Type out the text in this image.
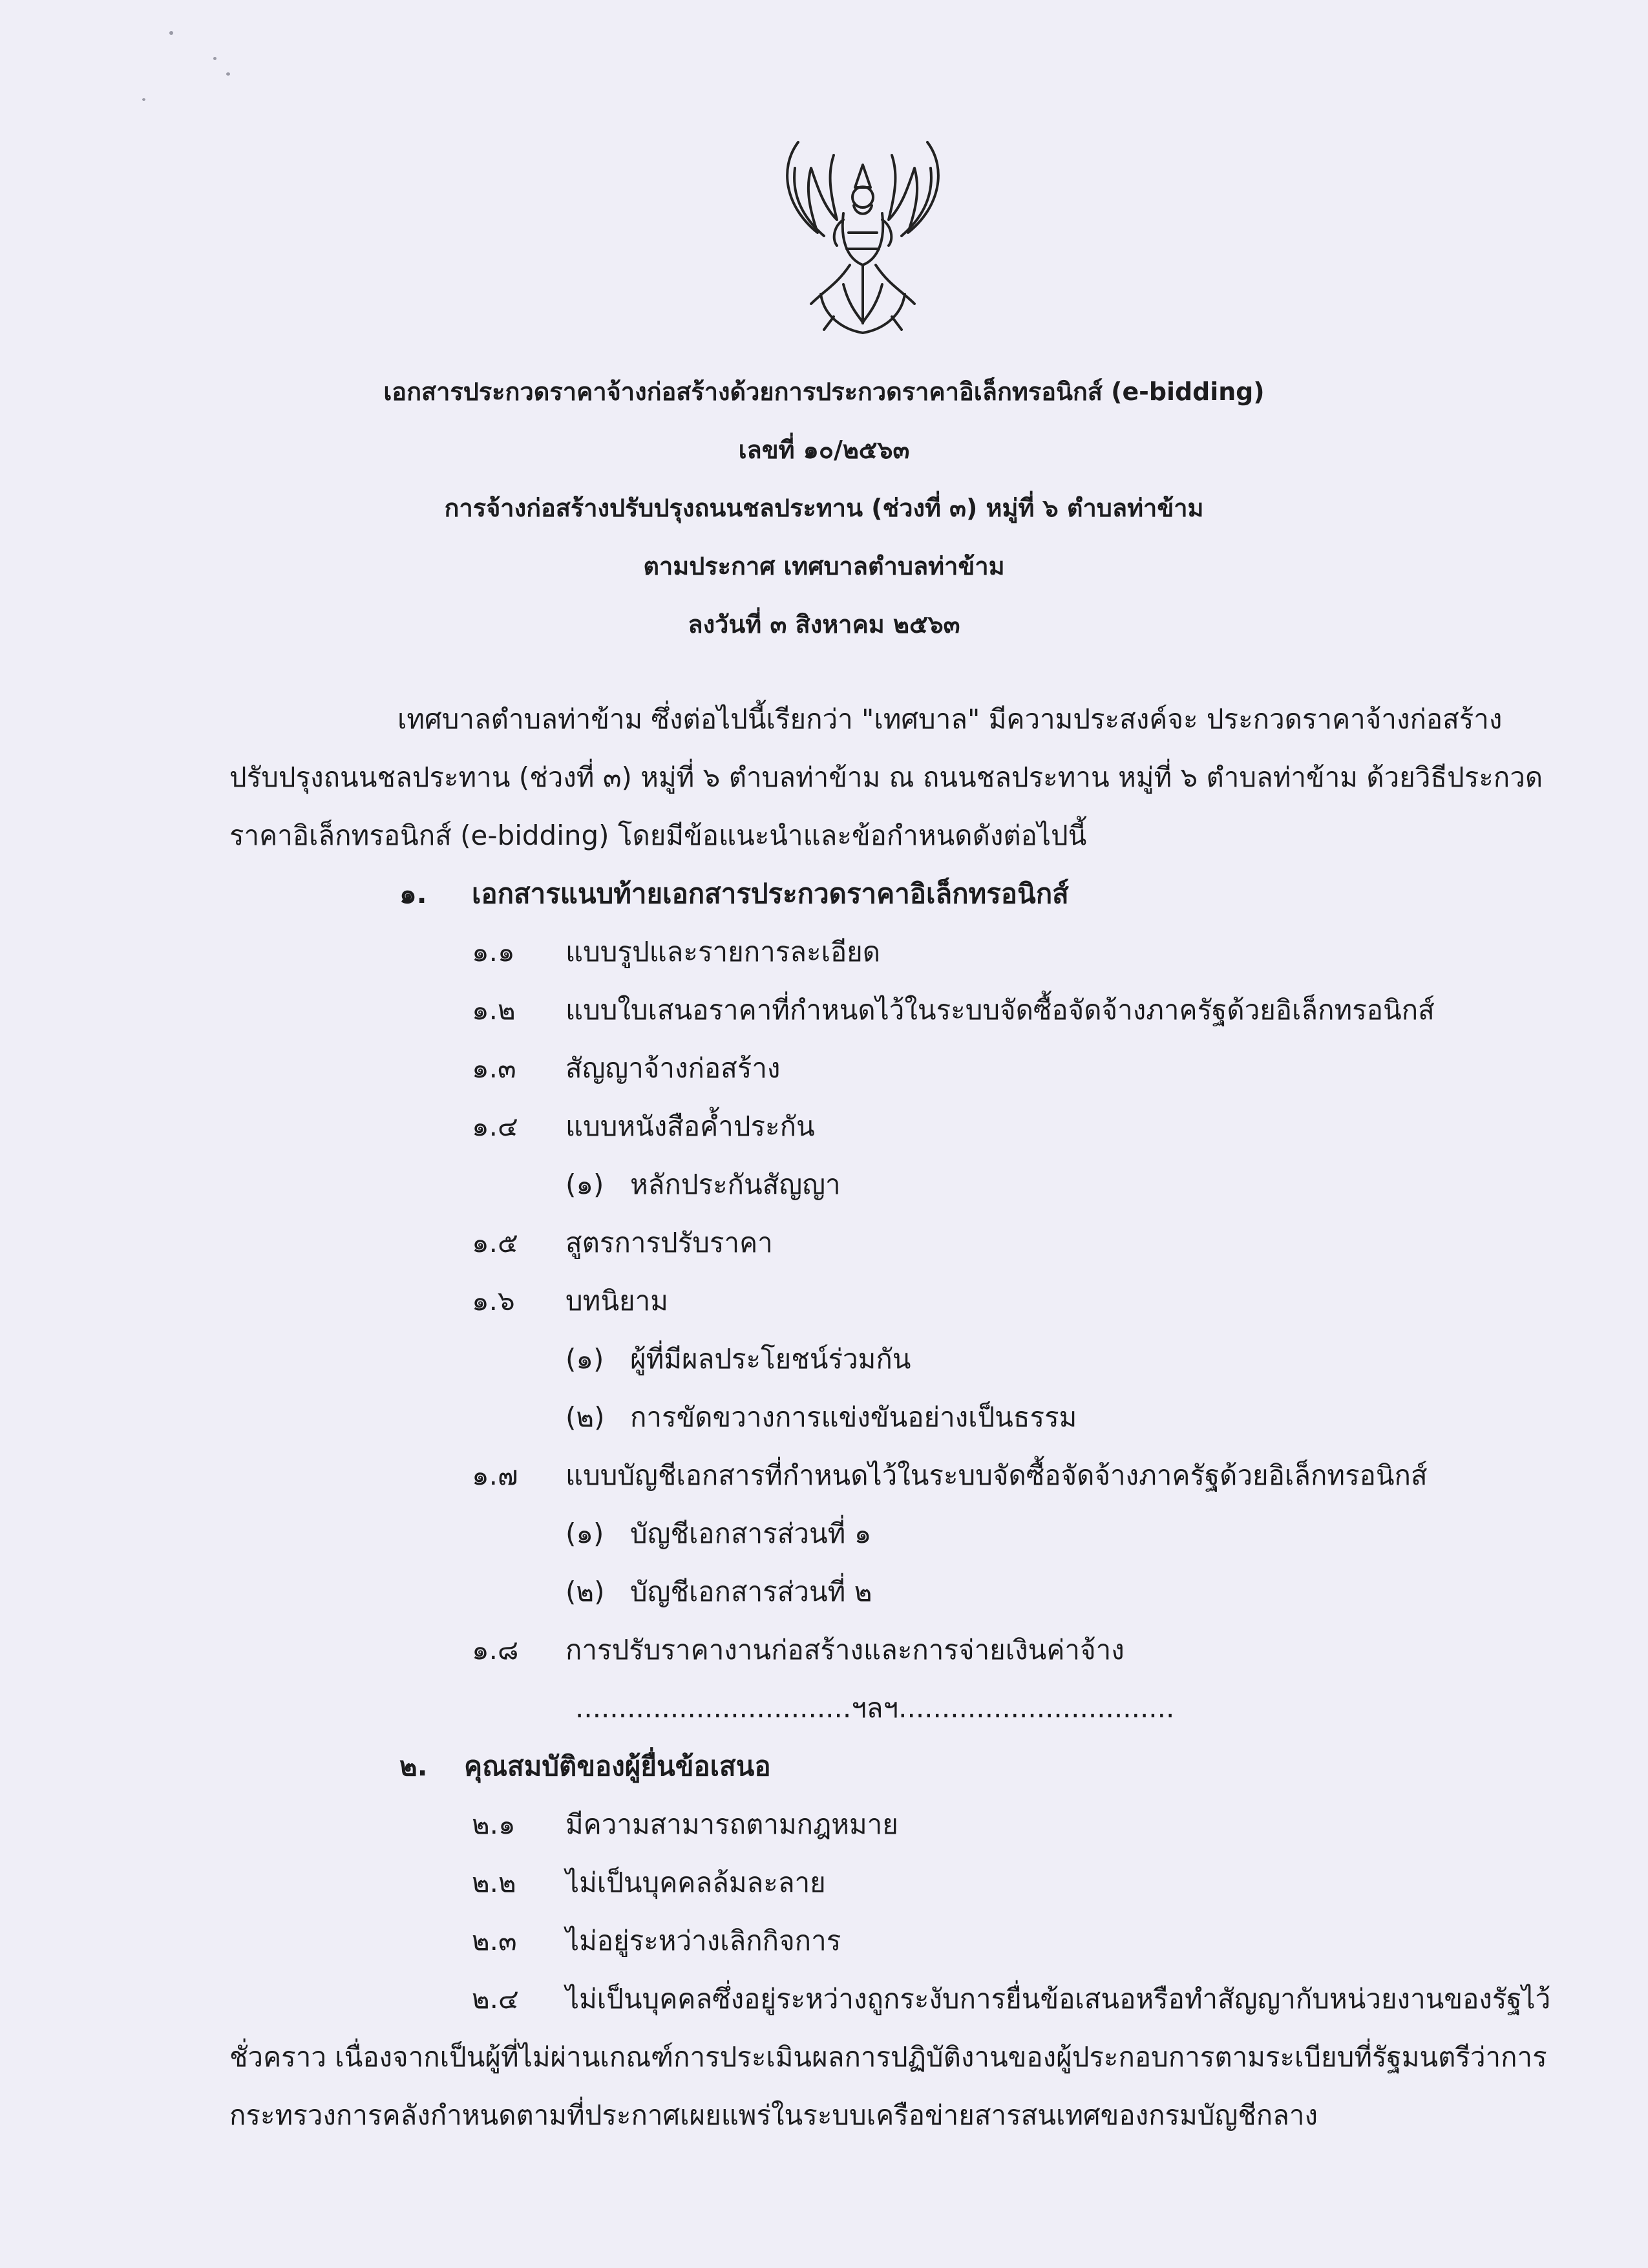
เอกสารประกวดราคาจ้างก่อสร้างด้วยการประกวดราคาอิเล็กทรอนิกส์ (e-bidding)
เลขที่ ๑๐/๒๕๖๓
การจ้างก่อสร้างปรับปรุงถนนชลประทาน (ช่วงที่ ๓) หมู่ที่ ๖ ตำบลท่าข้าม
ตามประกาศ เทศบาลตำบลท่าข้าม
ลงวันที่ ๓ สิงหาคม ๒๕๖๓
เทศบาลตำบลท่าข้าม ซึ่งต่อไปนี้เรียกว่า "เทศบาล" มีความประสงค์จะ ประกวดราคาจ้างก่อสร้าง
ปรับปรุงถนนชลประทาน (ช่วงที่ ๓) หมู่ที่ ๖ ตำบลท่าข้าม ณ ถนนชลประทาน หมู่ที่ ๖ ตำบลท่าข้าม ด้วยวิธีประกวด
ราคาอิเล็กทรอนิกส์ (e-bidding) โดยมีข้อแนะนำและข้อกำหนดดังต่อไปนี้
๑. เอกสารแนบท้ายเอกสารประกวดราคาอิเล็กทรอนิกส์
๑.๑ แบบรูปและรายการละเอียด
๑.๒ แบบใบเสนอราคาที่กำหนดไว้ในระบบจัดซื้อจัดจ้างภาครัฐด้วยอิเล็กทรอนิกส์
๑.๓ สัญญาจ้างก่อสร้าง
๑.๔ แบบหนังสือค้ำประกัน
(๑) หลักประกันสัญญา
๑.๕ สูตรการปรับราคา
๑.๖ บทนิยาม
(๑) ผู้ที่มีผลประโยชน์ร่วมกัน
(๒) การขัดขวางการแข่งขันอย่างเป็นธรรม
๑.๗ แบบบัญชีเอกสารที่กำหนดไว้ในระบบจัดซื้อจัดจ้างภาครัฐด้วยอิเล็กทรอนิกส์
(๑) บัญชีเอกสารส่วนที่ ๑
(๒) บัญชีเอกสารส่วนที่ ๒
๑.๘ การปรับราคางานก่อสร้างและการจ่ายเงินค่าจ้าง
................................ฯลฯ................................
๒. คุณสมบัติของผู้ยื่นข้อเสนอ
๒.๑ มีความสามารถตามกฎหมาย
๒.๒ ไม่เป็นบุคคลล้มละลาย
๒.๓ ไม่อยู่ระหว่างเลิกกิจการ
๒.๔ ไม่เป็นบุคคลซึ่งอยู่ระหว่างถูกระงับการยื่นข้อเสนอหรือทำสัญญากับหน่วยงานของรัฐไว้
ชั่วคราว เนื่องจากเป็นผู้ที่ไม่ผ่านเกณฑ์การประเมินผลการปฏิบัติงานของผู้ประกอบการตามระเบียบที่รัฐมนตรีว่าการ
กระทรวงการคลังกำหนดตามที่ประกาศเผยแพร่ในระบบเครือข่ายสารสนเทศของกรมบัญชีกลาง
